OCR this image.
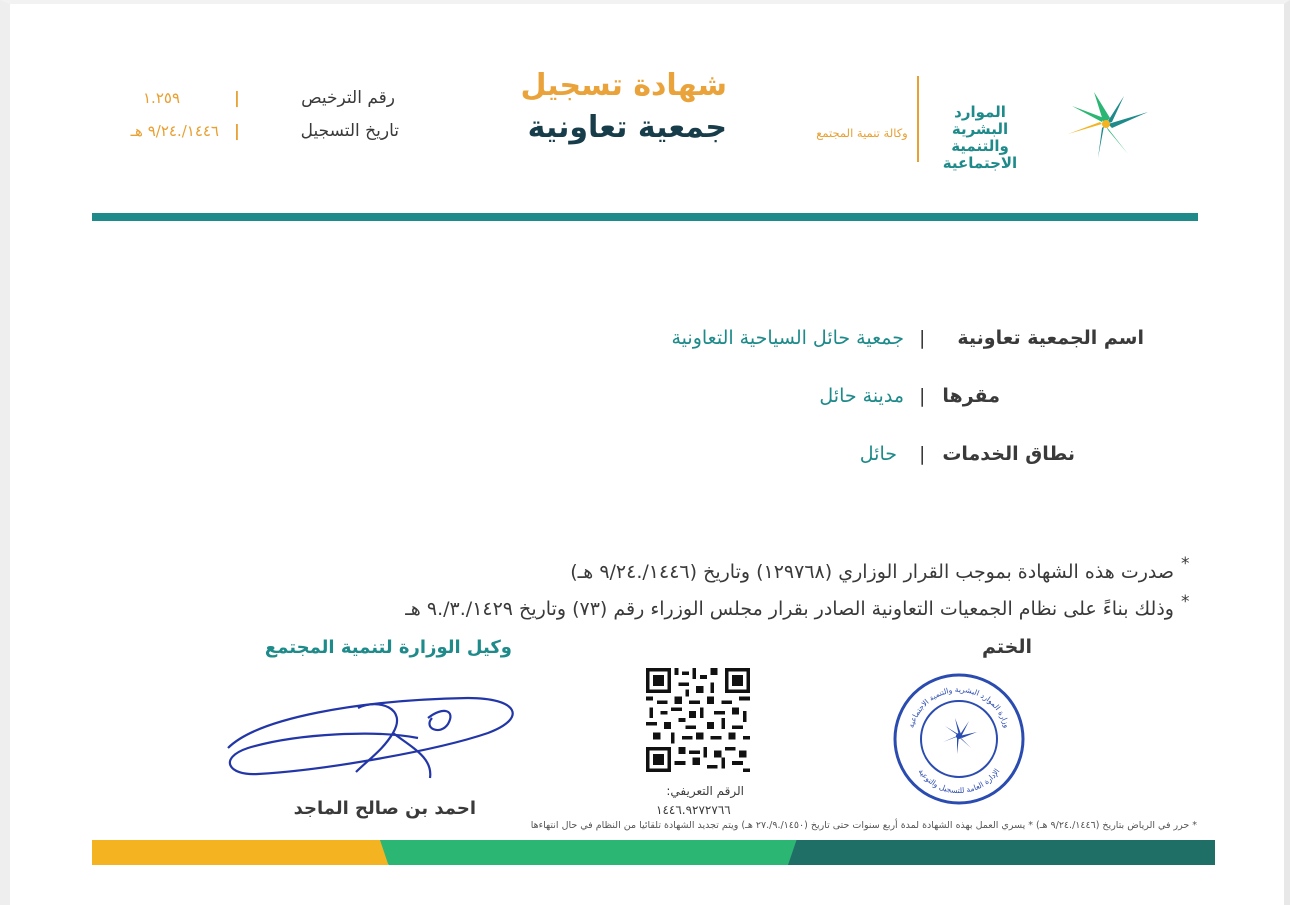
الموارد البشرية
والتنمية الاجتماعية
وكالة تنمية المجتمع
شهادة تسجيل
جمعية تعاونية
رقم الترخيص
|
١.٢٥٩
تاريخ التسجيل
|
١٤٤٦/.٩/٢٤ هـ
اسم الجمعية تعاونية
|
جمعية حائل السياحية التعاونية
مقرها
|
مدينة حائل
نطاق الخدمات
|
حائل
*
صدرت هذه الشهادة بموجب القرار الوزاري (١٢٩٧٦٨) وتاريخ (١٤٤٦/.٩/٢٤ هـ)
*
وذلك بناءً على نظام الجمعيات التعاونية الصادر بقرار مجلس الوزراء رقم (٧٣) وتاريخ ١٤٢٩/.٣/.٩ هـ
وكيل الوزارة لتنمية المجتمع
احمد بن صالح الماجد
الرقم التعريفي:
١٤٤٦.٩٢٧٢٧٦٦
الختم
وزارة الموارد البشرية والتنمية الاجتماعية
الإدارة العامة للتسجيل والتوعية
* حرر في الرياض بتاريخ (١٤٤٦/.٩/٢٤ هـ) * يسري العمل بهذه الشهادة لمدة أربع سنوات حتى تاريخ (١٤٥٠/.٩/.٢٧ هـ) ويتم تجديد الشهادة تلقائيا من النظام في حال انتهاءها
